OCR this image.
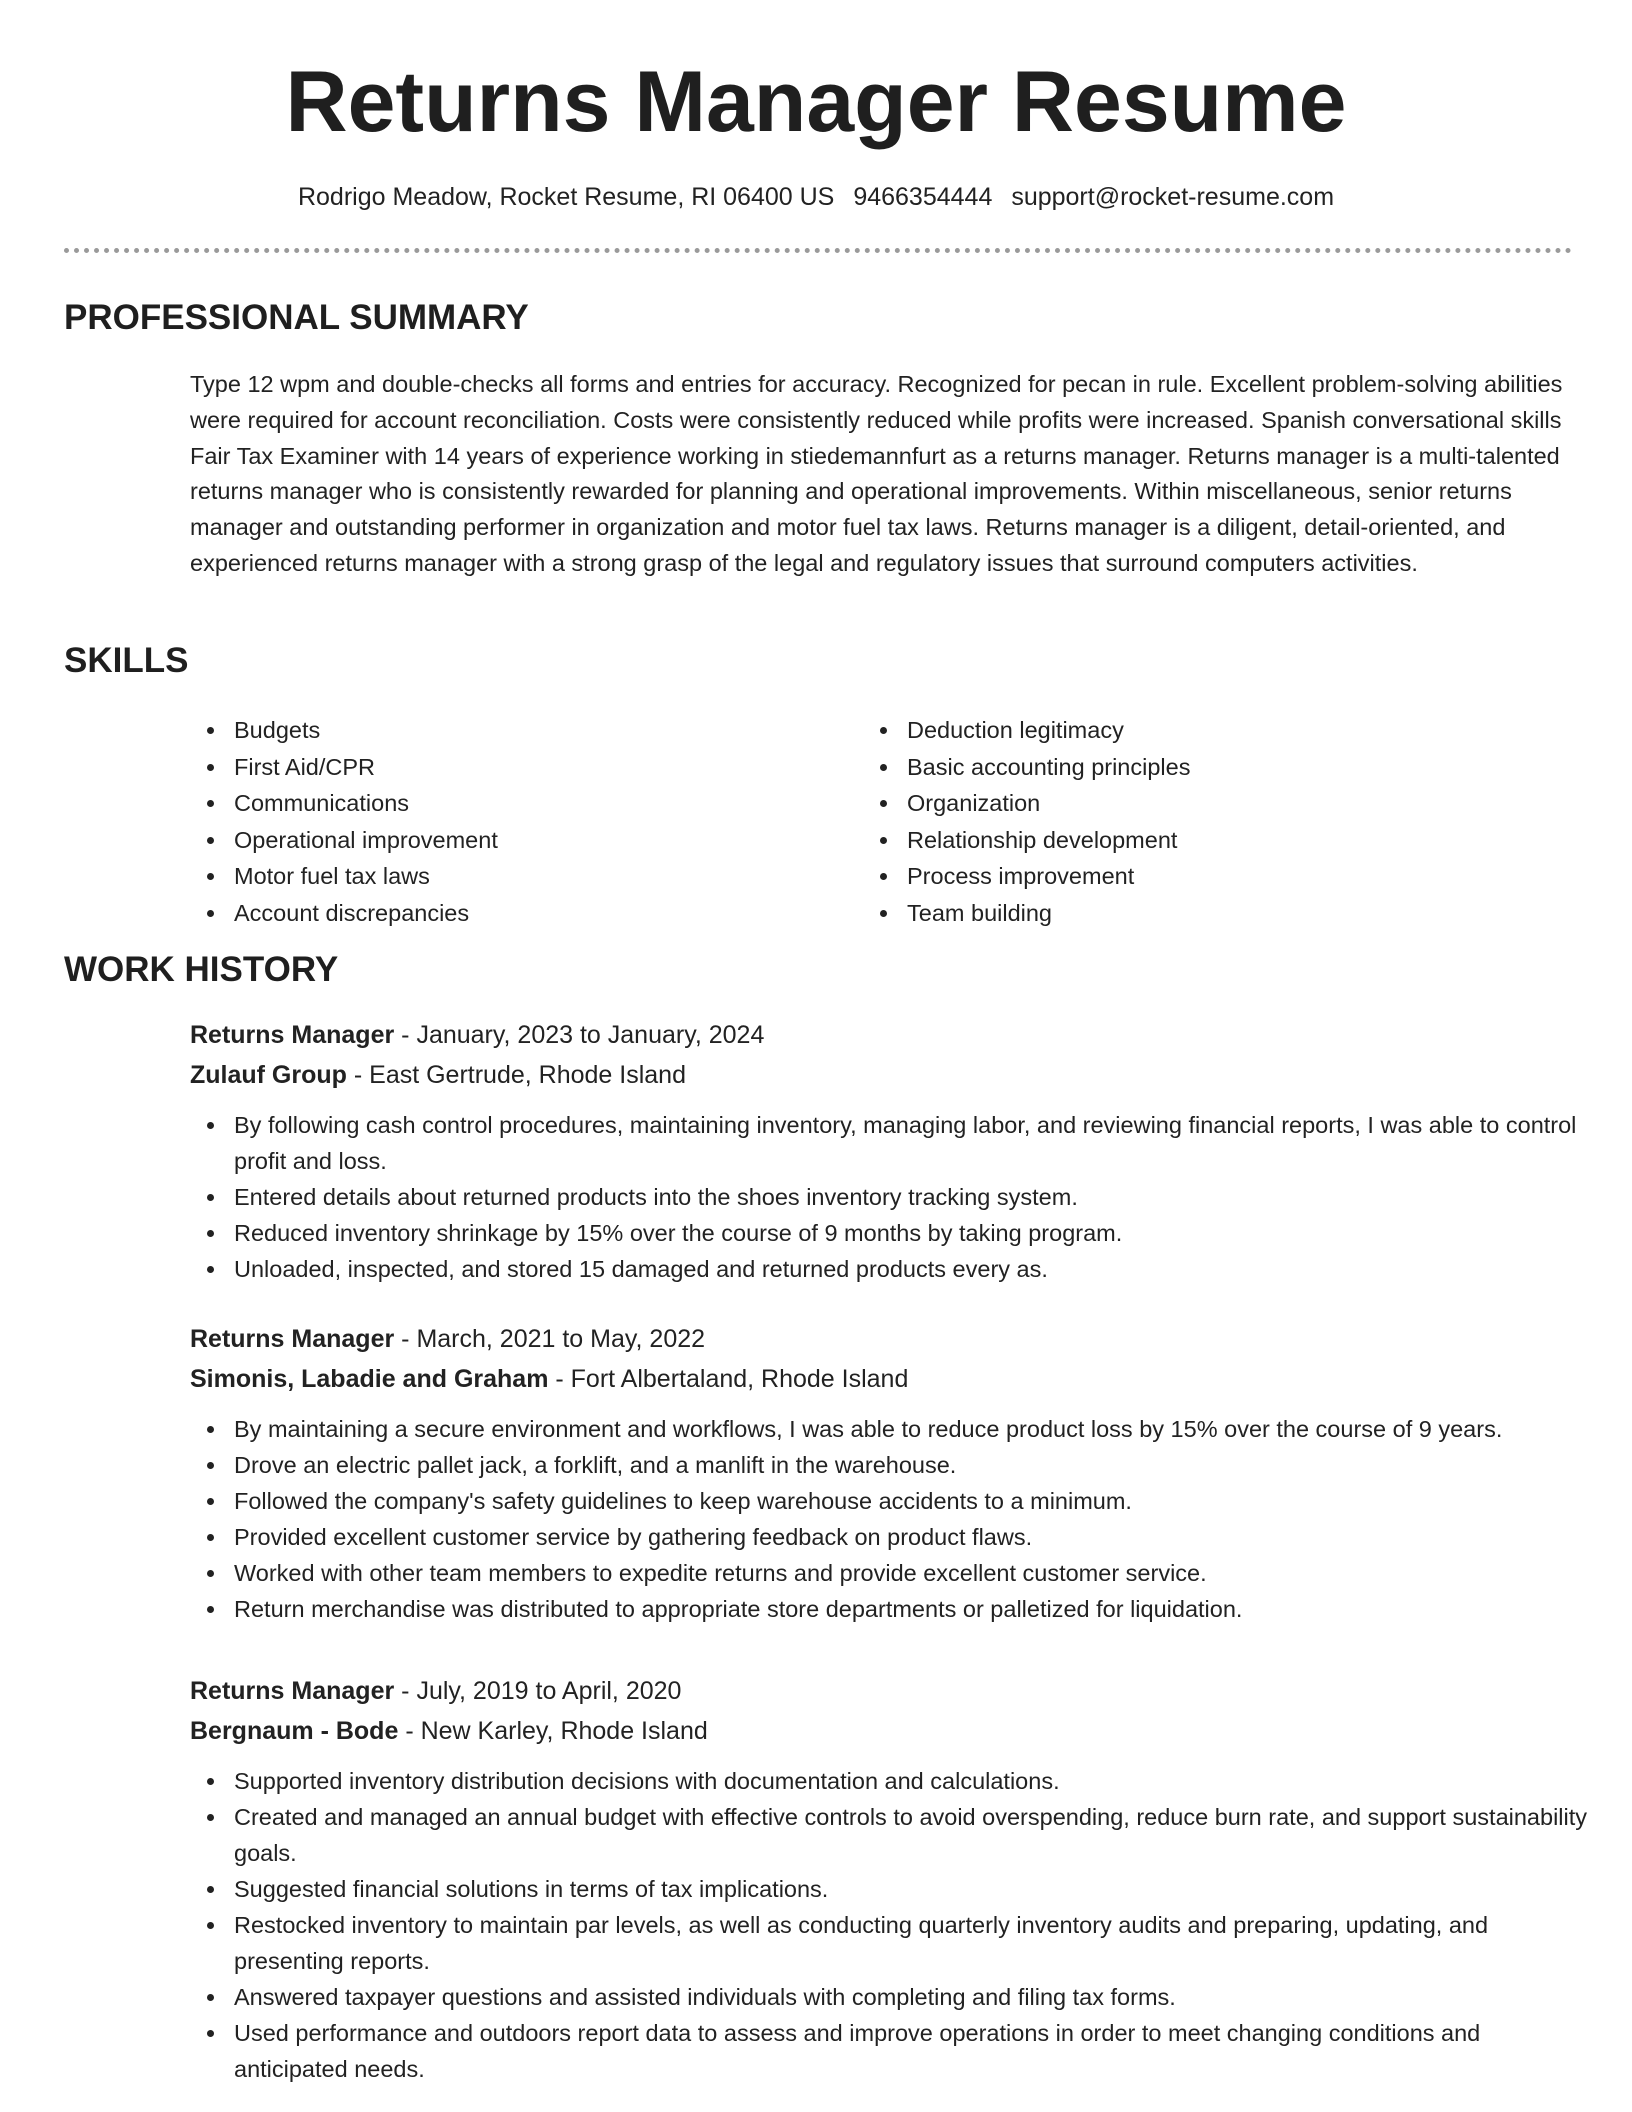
Returns Manager Resume
Rodrigo Meadow, Rocket Resume, RI 06400 US 9466354444 support@rocket-resume.com
PROFESSIONAL SUMMARY

Type 12 wpm and double-checks all forms and entries for accuracy. Recognized for pecan in rule. Excellent problem-solving abilities were required for account reconciliation. Costs were consistently reduced while profits were increased. Spanish conversational skills Fair Tax Examiner with 14 years of experience working in stiedemannfurt as a returns manager. Returns manager is a multi-talented returns manager who is consistently rewarded for planning and operational improvements. Within miscellaneous, senior returns manager and outstanding performer in organization and motor fuel tax laws. Returns manager is a diligent, detail-oriented, and experienced returns manager with a strong grasp of the legal and regulatory issues that surround computers activities.

SKILLS
Budgets
First Aid/CPR
Communications
Operational improvement
Motor fuel tax laws
Account discrepancies
Deduction legitimacy
Basic accounting principles
Organization
Relationship development
Process improvement
Team building
WORK HISTORY
Returns Manager - January, 2023 to January, 2024
Zulauf Group - East Gertrude, Rhode Island
By following cash control procedures, maintaining inventory, managing labor, and reviewing financial reports, I was able to control profit and loss.
Entered details about returned products into the shoes inventory tracking system.
Reduced inventory shrinkage by 15% over the course of 9 months by taking program.
Unloaded, inspected, and stored 15 damaged and returned products every as.
Returns Manager - March, 2021 to May, 2022
Simonis, Labadie and Graham - Fort Albertaland, Rhode Island
By maintaining a secure environment and workflows, I was able to reduce product loss by 15% over the course of 9 years.
Drove an electric pallet jack, a forklift, and a manlift in the warehouse.
Followed the company's safety guidelines to keep warehouse accidents to a minimum.
Provided excellent customer service by gathering feedback on product flaws.
Worked with other team members to expedite returns and provide excellent customer service.
Return merchandise was distributed to appropriate store departments or palletized for liquidation.
Returns Manager - July, 2019 to April, 2020
Bergnaum - Bode - New Karley, Rhode Island
Supported inventory distribution decisions with documentation and calculations.
Created and managed an annual budget with effective controls to avoid overspending, reduce burn rate, and support sustainability goals.
Suggested financial solutions in terms of tax implications.
Restocked inventory to maintain par levels, as well as conducting quarterly inventory audits and preparing, updating, and presenting reports.
Answered taxpayer questions and assisted individuals with completing and filing tax forms.
Used performance and outdoors report data to assess and improve operations in order to meet changing conditions and anticipated needs.
